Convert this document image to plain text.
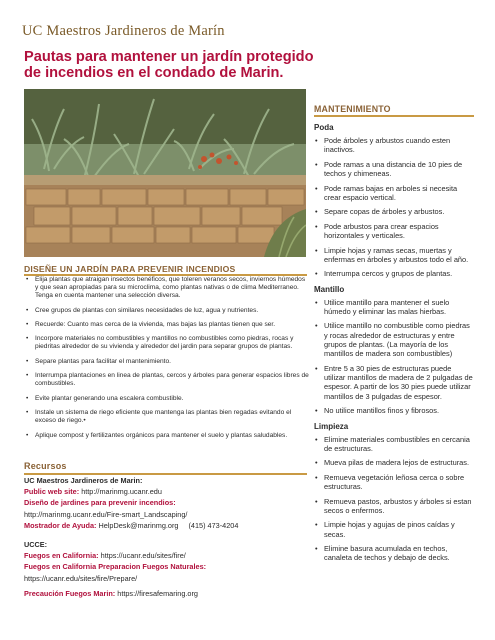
UC Maestros Jardineros de Marín
Pautas para mantener un jardín protegido de incendios en el condado de Marin.
DISEÑE UN JARDÍN PARA PREVENIR INCENDIOS
• Elija plantas que atraigan insectos benéficos, que toleren veranos secos, inviernos húmedos y que sean apropiadas para su microclima, como plantas nativas o de clima Mediterraneo. Tenga en cuenta mantener una selección diversa.
• Cree grupos de plantas con similares necesidades de luz, agua y nutrientes.
• Recuerde: Cuanto mas cerca de la vivienda, mas bajas las plantas tienen que ser.
• Incorpore materiales no combustibles y mantillos no combustibles como piedras, rocas y piedritas alrededor de su vivienda y alrededor del jardin para separar grupos de plantas.
• Separe plantas para facilitar el mantenimiento.
• Interrumpa plantaciones en linea de plantas, cercos y árboles para generar espacios libres de combustibles.
• Evite plantar generando una escalera combustible.
• Instale un sistema de riego eficiente que mantenga las plantas bien regadas evitando el exceso de riego.•
• Aplique compost y fertilizantes orgánicos para mantener el suelo y plantas saludables.
Recursos
UC Maestros Jardineros de Marin:
Public web site: http://marinmg.ucanr.edu
Diseño de jardines para prevenir incendios:
http://marinmg.ucanr.edu/Fire-smart_Landscaping/
Mostrador de Ayuda: HelpDesk@marinmg.org (415) 473-4204
UCCE:
Fuegos en California: https://ucanr.edu/sites/fire/
Fuegos en California Preparacion Fuegos Naturales:
https://ucanr.edu/sites/fire/Prepare/
Precaución Fuegos Marin: https://firesafemaring.org
MANTENIMIENTO
Poda
• Pode árboles y arbustos cuando esten inactivos.
• Pode ramas a una distancia de 10 pies de techos y chimeneas.
• Pode ramas bajas en arboles si necesita crear espacio vertical.
• Separe copas de árboles y arbustos.
• Pode arbustos para crear espacios horizontales y verticales.
• Limpie hojas y ramas secas, muertas y enfermas en árboles y arbustos todo el año.
• Interrumpa cercos y grupos de plantas.
Mantillo
• Utilice mantillo para mantener el suelo húmedo y eliminar las malas hierbas.
• Utilice mantillo no combustible como piedras y rocas alrededor de estructuras y entre grupos de plantas. (La mayoría de los mantillos de madera son combustibles)
• Entre 5 a 30 pies de estructuras puede utilizar mantillos de madera de 2 pulgadas de espesor. A partir de los 30 pies puede utilizar mantillos de 3 pulgadas de espesor.
• No utilice mantillos finos y fibrosos.
Limpieza
• Elimine materiales combustibles en cercania de estructuras.
• Mueva pilas de madera lejos de estructuras.
• Remueva vegetación leñosa cerca o sobre estructuras.
• Remueva pastos, arbustos y árboles si estan secos o enfermos.
• Limpie hojas y agujas de pinos caídas y secas.
• Elimine basura acumulada en techos, canaleta de techos y debajo de decks.
